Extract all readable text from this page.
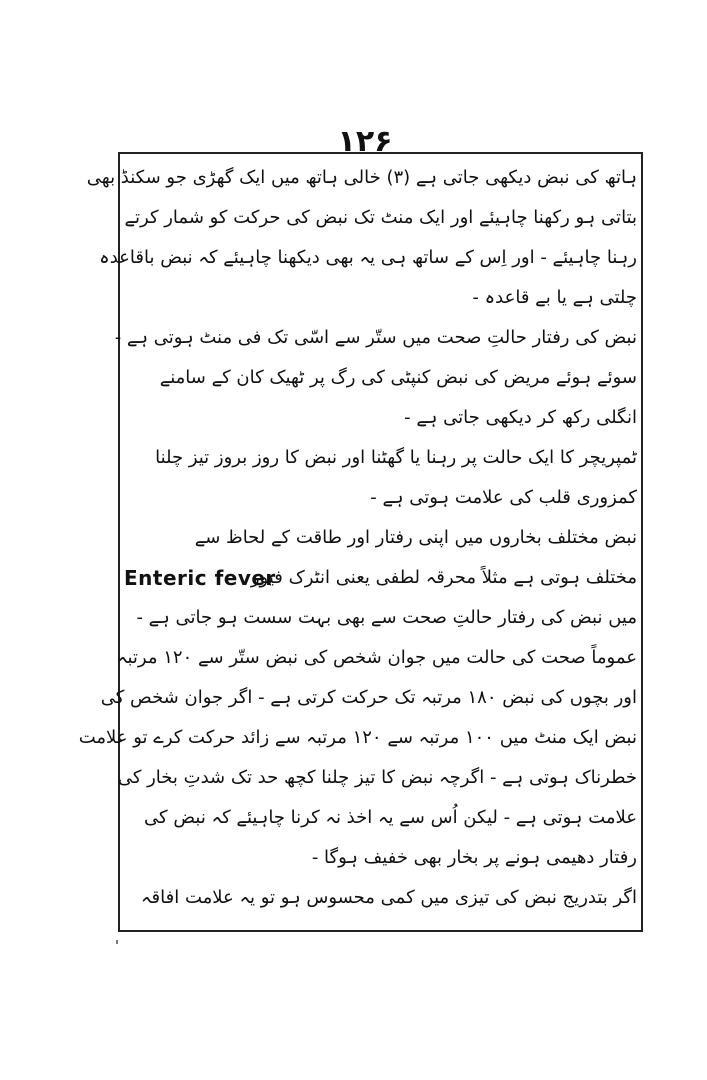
۱۲۶
ہاتھ کی نبض دیکھی جاتی ہے (۳) خالی ہاتھ میں ایک گھڑی جو سکنڈ بھی
بتاتی ہو رکھنا چاہیئے اور ایک منٹ تک نبض کی حرکت کو شمار کرتے
رہنا چاہیئے - اور اِس کے ساتھ ہی یہ بھی دیکھنا چاہیئے کہ نبض باقاعدہ
چلتی ہے یا بے قاعدہ -
نبض کی رفتار حالتِ صحت میں ستّر سے اسّی تک فی منٹ ہوتی ہے -
سوئے ہوئے مریض کی نبض کنپٹی کی رگ پر ٹھیک کان کے سامنے
انگلی رکھ کر دیکھی جاتی ہے -
ٹمپریچر کا ایک حالت پر رہنا یا گھٹنا اور نبض کا روز بروز تیز چلنا
کمزوری قلب کی علامت ہوتی ہے -
نبض مختلف بخاروں میں اپنی رفتار اور طاقت کے لحاظ سے
مختلف ہوتی ہے مثلاً محرقہ لطفی یعنی انٹرک فیور
Enteric fever
میں نبض کی رفتار حالتِ صحت سے بھی بہت سست ہو جاتی ہے -
عموماً صحت کی حالت میں جوان شخص کی نبض ستّر سے ۱۲۰ مرتبہ
اور بچوں کی نبض ۱۸۰ مرتبہ تک حرکت کرتی ہے - اگر جوان شخص کی
نبض ایک منٹ میں ۱۰۰ مرتبہ سے ۱۲۰ مرتبہ سے زائد حرکت کرے تو علامت
خطرناک ہوتی ہے - اگرچہ نبض کا تیز چلنا کچھ حد تک شدتِ بخار کی
علامت ہوتی ہے - لیکن اُس سے یہ اخذ نہ کرنا چاہیئے کہ نبض کی
رفتار دھیمی ہونے پر بخار بھی خفیف ہوگا -
اگر بتدریج نبض کی تیزی میں کمی محسوس ہو تو یہ علامت افاقہ
